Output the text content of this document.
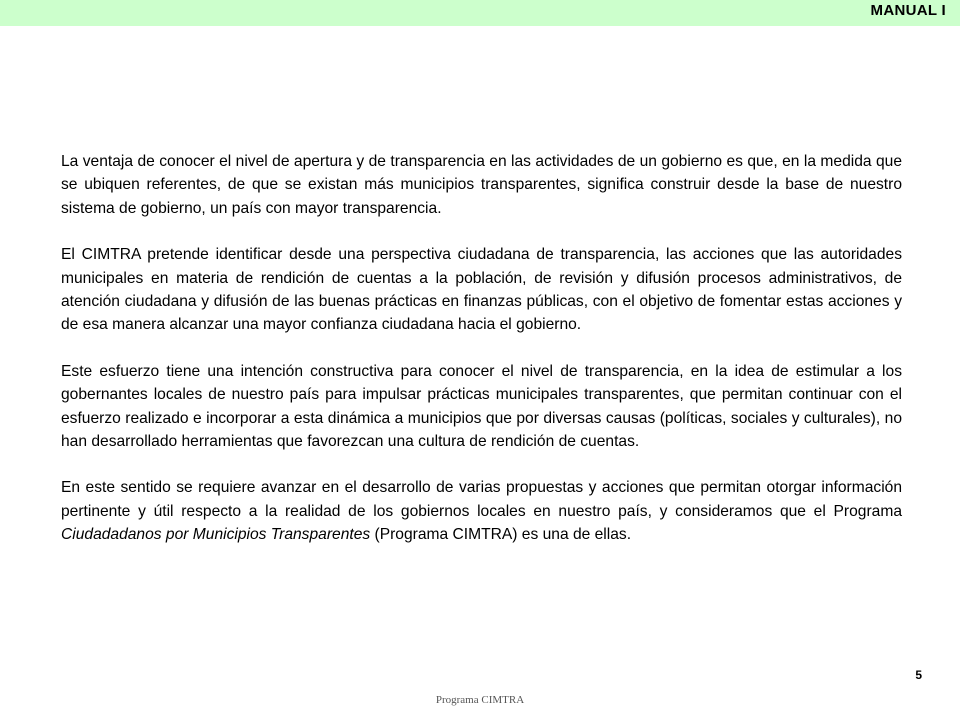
MANUAL I

La ventaja de conocer el nivel de apertura y de transparencia en las actividades de un gobierno es que, en la medida que se ubiquen referentes, de que se existan más municipios transparentes, significa construir desde la base de nuestro sistema de gobierno, un país con mayor transparencia.

El CIMTRA pretende identificar desde una perspectiva ciudadana de transparencia, las acciones que las autoridades municipales en materia de rendición de cuentas a la población, de revisión y difusión procesos administrativos, de atención ciudadana y difusión de las buenas prácticas en finanzas públicas, con el objetivo de fomentar estas acciones y de esa manera alcanzar una mayor confianza ciudadana hacia el gobierno.

Este esfuerzo tiene una intención constructiva para conocer el nivel de transparencia, en la idea de estimular a los gobernantes locales de nuestro país para impulsar prácticas municipales transparentes, que permitan continuar con el esfuerzo realizado e incorporar a esta dinámica a municipios que por diversas causas (políticas, sociales y culturales), no han desarrollado herramientas que favorezcan una cultura de rendición de cuentas.

En este sentido se requiere avanzar en el desarrollo de varias propuestas y acciones que permitan otorgar información pertinente y útil respecto a la realidad de los gobiernos locales en nuestro país, y consideramos que el Programa Ciudadadanos por Municipios Transparentes (Programa CIMTRA) es una de ellas.

5
Programa CIMTRA
